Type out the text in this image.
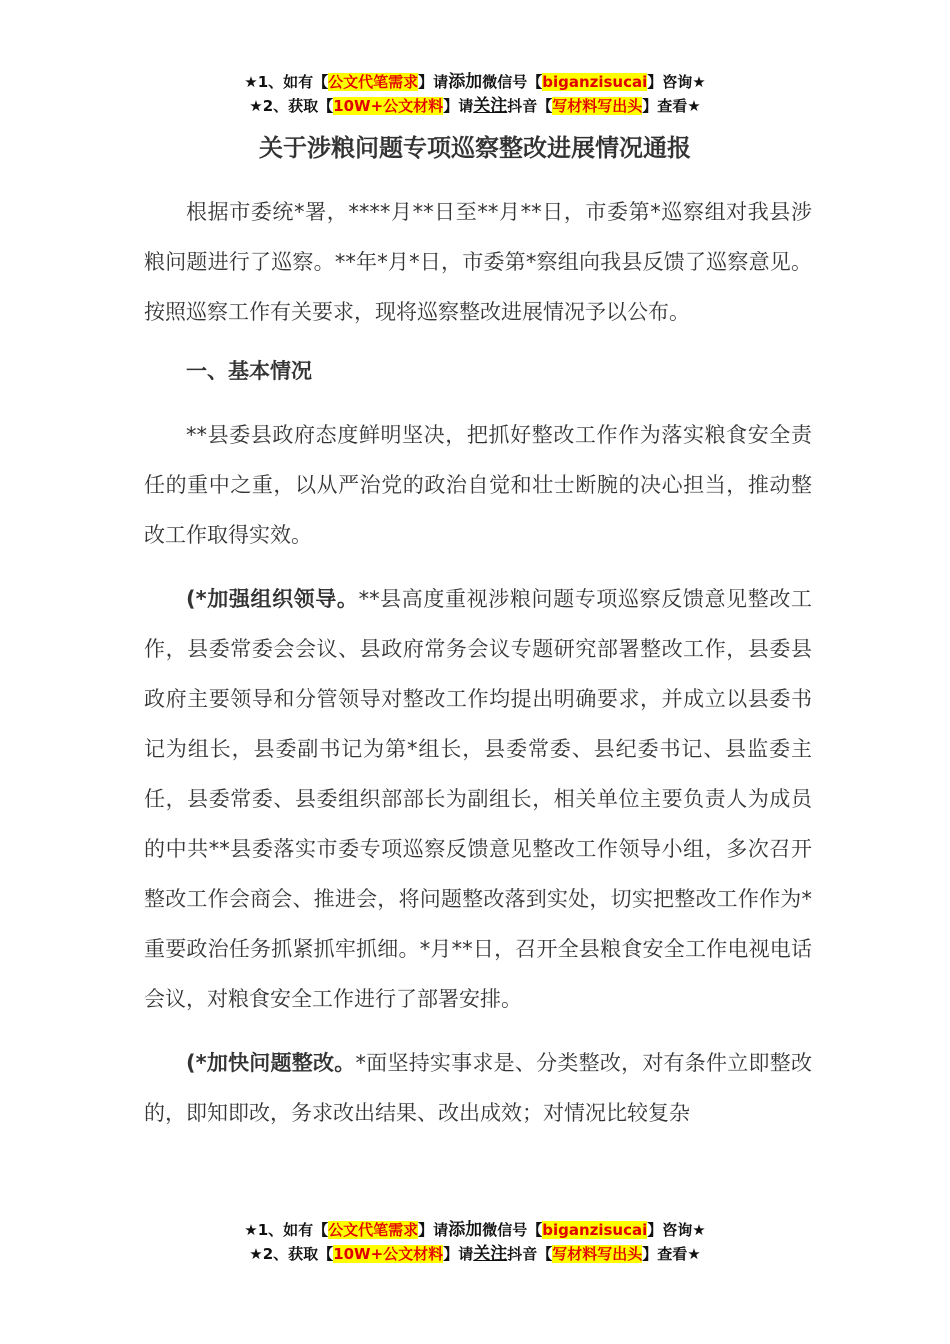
★1、如有【公文代笔需求】请添加微信号【biganzisucai】咨询★
★2、获取【10W+公文材料】请关注抖音【写材料写出头】查看★
关于涉粮问题专项巡察整改进展情况通报

根据市委统*署，****月**日至**月**日，市委第*巡察组对我县涉粮问题进行了巡察。**年*月*日，市委第*察组向我县反馈了巡察意见。按照巡察工作有关要求，现将巡察整改进展情况予以公布。

一、基本情况

**县委县政府态度鲜明坚决，把抓好整改工作作为落实粮食安全责任的重中之重，以从严治党的政治自觉和壮士断腕的决心担当，推动整改工作取得实效。

(*加强组织领导。**县高度重视涉粮问题专项巡察反馈意见整改工作，县委常委会会议、县政府常务会议专题研究部署整改工作，县委县政府主要领导和分管领导对整改工作均提出明确要求，并成立以县委书记为组长，县委副书记为第*组长，县委常委、县纪委书记、县监委主任，县委常委、县委组织部部长为副组长，相关单位主要负责人为成员的中共**县委落实市委专项巡察反馈意见整改工作领导小组，多次召开整改工作会商会、推进会，将问题整改落到实处，切实把整改工作作为*重要政治任务抓紧抓牢抓细。*月**日，召开全县粮食安全工作电视电话会议，对粮食安全工作进行了部署安排。

(*加快问题整改。*面坚持实事求是、分类整改，对有条件立即整改的，即知即改，务求改出结果、改出成效；对情况比较复杂

★1、如有【公文代笔需求】请添加微信号【biganzisucai】咨询★
★2、获取【10W+公文材料】请关注抖音【写材料写出头】查看★
